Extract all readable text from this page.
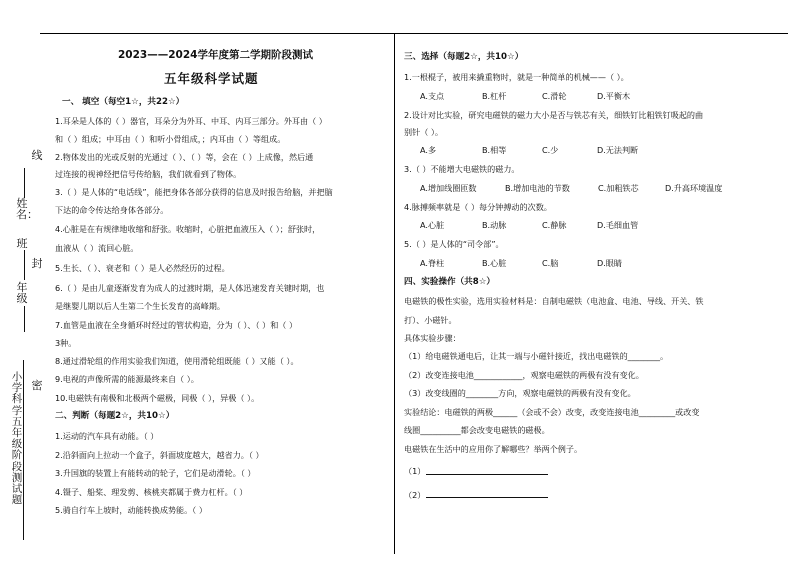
线
姓名：
班
年级
封
密
小学科学五年级阶段测试题
2023——2024学年度第二学期阶段测试
五年级科学试题
一、 填空（每空1☆，共22☆）
1.耳朵是人体的（ ）器官，耳朵分为外耳、中耳、内耳三部分。外耳由（ ）
和（ ）组成；中耳由（ ）和听小骨组成，；内耳由（ ）等组成。
2.物体发出的光或反射的光通过（ ）、（ ）等，会在（ ）上成像，然后通
过连接的视神经把信号传给脑，我们就看到了物体。
3.（ ）是人体的“电话线”，能把身体各部分获得的信息及时报告给脑，并把脑
下达的命令传达给身体各部分。
4.心脏是在有规律地收缩和舒张。收缩时，心脏把血液压入（ ）；舒张时，
血液从（ ）流回心脏。
5.生长、（ ）、衰老和（ ）是人必然经历的过程。
6.（ ）是由儿童逐渐发育为成人的过渡时期，是人体迅速发育关键时期，也
是继婴儿期以后人生第二个生长发育的高峰期。
7.血管是血液在全身循环时经过的管状构造，分为（ ）、（ ）和（ ）
3种。
8.通过滑轮组的作用实验我们知道，使用滑轮组既能（ ）又能（ ）。
9.电视的声像所需的能源最终来自（ ）。
10.电磁铁有南极和北极两个磁极，同极（ ），异极（ ）。
二、判断（每题2☆，共10☆）
1.运动的汽车具有动能。（ ）
2.沿斜面向上拉动一个盒子，斜面坡度越大，越省力。（ ）
3.升国旗的装置上有能转动的轮子，它们是动滑轮。（ ）
4.镊子、船桨、理发剪、核桃夹都属于费力杠杆。（ ）
5.骑自行车上坡时，动能转换成势能。（ ）
三、选择（每题2☆，共10☆）
1.一根棍子，被用来撬重物时，就是一种简单的机械——（ ）。
A.支点	B.杠杆	C.滑轮	D.平衡木
2.设计对比实验，研究电磁铁的磁力大小是否与铁芯有关，细铁钉比粗铁钉吸起的曲
别针（ ）。
A.多	B.相等	C.少	D.无法判断
3.（ ）不能增大电磁铁的磁力。
A.增加线圈匝数	B.增加电池的节数	C.加粗铁芯	D.升高环境温度
4.脉搏频率就是（ ）每分钟搏动的次数。
A.心脏	B.动脉	C.静脉	D.毛细血管
5.（ ）是人体的“司令部”。
A.脊柱	B.心脏	C.脑	D.眼睛
四、实验操作（共8☆）
电磁铁的极性实验，选用实验材料是：自制电磁铁（电池盒、电池、导线、开关、铁
打）、小磁针。
具体实验步骤：
（1）给电磁铁通电后，让其一端与小磁针接近，找出电磁铁的________。
（2）改变连接电池____________，观察电磁铁的两极有没有变化。
（3）改变线圈的________方向，观察电磁铁的两极有没有变化。
实验结论：电磁铁的两极______（会或不会）改变，改变连接电池_________或改变
线圈__________都会改变电磁铁的磁极。
电磁铁在生活中的应用你了解哪些？举两个例子。
（1）
（2）
